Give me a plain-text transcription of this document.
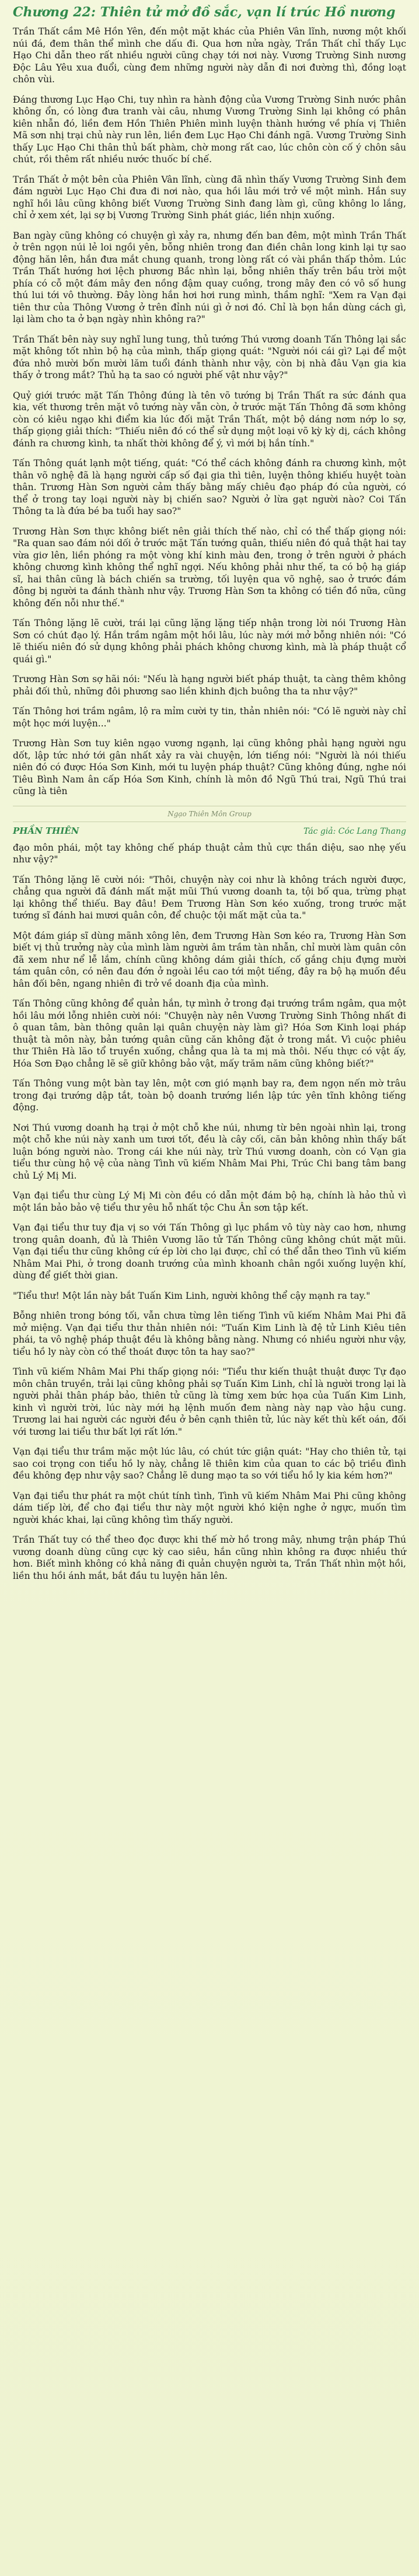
Chương 22: Thiên tử mở đồ sắc, vạn lí trúc Hồ nương

Trần Thất cầm Mê Hồn Yên, đến một mặt khác của Phiên Vân lĩnh, nương một khối núi đá, đem thân thể mình che dấu đi. Qua hơn nửa ngày, Trần Thất chỉ thấy Lục Hạo Chi dẫn theo rất nhiều người cũng chạy tới nơi này. Vương Trường Sinh nương Độc Lâu Yêu xua đuổi, cùng đem những người này dẫn đi nơi đường thì, đồng loạt chôn vùi.

Đáng thương Lục Hạo Chi, tuy nhìn ra hành động của Vương Trường Sinh nước phân không ổn, có lòng đưa tranh vài câu, nhưng Vương Trường Sinh lại không có phân kiên nhẫn đó, liền đem Hồn Thiên Phiên mình luyện thành hướng về phía vị Thiên Mã sơn nhị trại chủ này run lên, liền đem Lục Hạo Chi đánh ngã. Vương Trường Sinh thấy Lục Hạo Chi thân thủ bất phàm, chờ mong rất cao, lúc chôn còn cố ý chôn sâu chút, rồi thêm rất nhiều nước thuốc bí chế.

Trần Thất ở một bên của Phiên Vân lĩnh, cùng đã nhìn thấy Vương Trường Sinh đem đám người Lục Hạo Chi đưa đi nơi nào, qua hồi lâu mới trở về một mình. Hắn suy nghĩ hồi lâu cũng không biết Vương Trường Sinh đang làm gì, cũng không lo lắng, chỉ ở xem xét, lại sợ bị Vương Trường Sinh phát giác, liền nhịn xuống.

Ban ngày cũng không có chuyện gì xảy ra, nhưng đến ban đêm, một mình Trần Thất ở trên ngọn núi lẻ loi ngồi yên, bỗng nhiên trong đan điền chân long kinh lại tự sao động hăn lên, hắn đưa mắt chung quanh, trong lòng rất có vài phần thấp thỏm. Lúc Trần Thất hướng hơi lệch phương Bắc nhìn lại, bỗng nhiên thấy trên bầu trời một phía có cỗ một đám mây đen nồng đậm quay cuồng, trong mây đen có vô số hung thú lui tới vô thường. Đây lòng hắn hơi hơi rung mình, thầm nghĩ: "Xem ra Vạn đại tiên thư của Thông Vương ở trên đỉnh núi gì ở nơi đó. Chỉ là bọn hắn dùng cách gì, lại làm cho ta ở bạn ngày nhìn không ra?"

Trần Thất bên này suy nghĩ lung tung, thủ tướng Thú vương doanh Tấn Thông lại sắc mặt không tốt nhìn bộ hạ của mình, thấp giọng quát: "Người nói cái gì? Lại để một đứa nhỏ mười bốn mười lăm tuổi đánh thành như vậy, còn bị nhà đâu Vạn gia kia thấy ở trong mắt? Thủ hạ ta sao có người phế vật như vậy?"

Quỷ giới trước mặt Tấn Thông đúng là tên võ tướng bị Trần Thất ra sức đánh qua kia, vết thương trên mặt vô tướng này vẫn còn, ở trước mặt Tấn Thông đã sơm không còn có kiêu ngạo khi điểm kia lúc đối mặt Trần Thất, một bộ dáng nơm nớp lo sợ, thấp giọng giải thích: "Thiếu niên đó có thể sử dụng một loại võ kỳ kỳ dị, cách không đánh ra chương kình, ta nhất thời không để ý, vì mới bị hắn tính."

Tấn Thông quát lạnh một tiếng, quát: "Có thể cách không đánh ra chương kình, một thân võ nghệ đã là hạng người cấp số đại gia thì tiên, luyện thông khiếu huyệt toàn thân. Trương Hàn Sơn người cảm thấy bằng mấy chiêu đạo pháp đó của người, có thể ở trong tay loại người này bị chiến sao? Người ở lừa gạt người nào? Coi Tấn Thông ta là đứa bé ba tuổi hay sao?"

Trương Hàn Sơn thực không biết nên giải thích thế nào, chỉ có thể thấp giọng nói: "Ra quan sao đám nói dối ở trước mặt Tấn tướng quân, thiếu niên đó quả thật hai tay vừa giơ lên, liền phóng ra một vòng khí kinh màu đen, trong ở trên người ở phách không chương kình không thể nghĩ ngợi. Nếu không phải như thế, ta có bộ hạ giáp sĩ, hai thân cũng là bách chiến sa trường, tối luyện qua võ nghệ, sao ở trước đám đông bị người ta đánh thành như vậy. Trương Hàn Sơn ta không có tiền đồ nữa, cũng không đến nỗi như thế."

Tấn Thông lặng lẽ cười, trái lại cũng lặng lặng tiếp nhận trong lời nói Trương Hàn Sơn có chút đạo lý. Hắn trầm ngâm một hồi lâu, lúc này mới mở bỗng nhiên nói: "Có lẽ thiếu niên đó sử dụng không phải phách không chương kình, mà là pháp thuật cổ quái gì."

Trương Hàn Sơn sợ hãi nói: "Nếu là hạng người biết pháp thuật, ta càng thêm không phải đối thủ, những đôi phương sao liền khinh địch buông tha ta như vậy?"

Tấn Thông hơi trầm ngâm, lộ ra mỉm cười ty tin, thản nhiên nói: "Có lẽ người này chỉ một học mới luyện..."

Trương Hàn Sơn tuy kiên ngạo vương ngạnh, lại cũng không phải hạng người ngu dốt, lập tức nhớ tới gân nhất xảy ra vài chuyện, lớn tiếng nói: "Người là nói thiếu niên đó có được Hóa Sơn Kinh, mới tu luyện pháp thuật? Cũng không đúng, nghe nói Tiêu Bình Nam ân cấp Hóa Sơn Kinh, chính là môn đồ Ngũ Thú trai, Ngũ Thú trai cũng là tiên

Ngạo Thiên Môn Group
PHẦN THIÊN	Tác giả: Cóc Lang Thang

đạo môn phái, một tay không chế pháp thuật cảm thủ cực thần diệu, sao nhẹ yếu như vậy?"

Tấn Thông lặng lẽ cười nói: "Thôi, chuyện này coi như là không trách người được, chẳng qua người đã đánh mất mặt mũi Thú vương doanh ta, tội bố qua, trừng phạt lại không thể thiếu. Bay đâu! Đem Trương Hàn Sơn kéo xuống, trong trước mặt tướng sĩ đánh hai mươi quân côn, để chuộc tội mất mặt của ta."

Một đám giáp sĩ dùng mãnh xông lên, đem Trương Hàn Sơn kéo ra, Trương Hàn Sơn biết vị thủ trưởng này của mình làm người âm trầm tàn nhẫn, chỉ mười làm quân côn đã xem như nể lễ lắm, chính cũng không dám giải thích, cố gắng chịu đựng mười tám quân côn, có nên đau đớn ở ngoài lều cao tới một tiếng, đây ra bộ hạ muốn đều hân đối bên, ngang nhiên đi trở về doanh địa của mình.

Tấn Thông cũng không để quản hắn, tự mình ở trong đại trướng trầm ngâm, qua một hồi lâu mới lỗng nhiên cười nói: "Chuyện này nên Vương Trường Sinh Thông nhất đi ô quan tâm, bàn thông quân lại quân chuyện này làm gì? Hóa Sơn Kinh loại pháp thuật tà môn này, bản tướng quân cũng căn không đặt ở trong mắt. Vì cuộc phiêu thư Thiên Hà lão tổ truyền xuống, chẳng qua là ta mị mà thôi. Nếu thực có vật ấy, Hóa Sơn Đạo chẳng lẽ sẽ giữ không bảo vật, mấy trăm năm cũng không biết?"

Tấn Thông vung một bàn tay lên, một cơn gió mạnh bay ra, đem ngọn nến mờ trâu trong đại trướng dập tắt, toàn bộ doanh trướng liền lập tức yên tĩnh không tiếng động.

Nơi Thú vương doanh hạ trại ở một chỗ khe núi, nhưng từ bên ngoài nhìn lại, trong một chỗ khe núi này xanh um tươi tốt, đều là cây cối, căn bản không nhìn thấy bất luận bóng người nào. Trong cái khe núi này, trừ Thú vương doanh, còn có Vạn gia tiểu thư cùng hộ vệ của nàng Tình vũ kiếm Nhâm Mai Phi, Trúc Chi bang tâm bang chủ Lý Mị Mi.

Vạn đại tiểu thư cùng Lý Mị Mi còn đều có dẫn một đám bộ hạ, chính là hảo thủ vì một lần bảo bảo vệ tiểu thư yêu hỗ nhất tộc Chu Ân sơn tập kết.

Vạn đại tiểu thư tuy địa vị so với Tấn Thông gì lục phầm vô tùy này cao hơn, nhưng trong quân doanh, đủ là Thiên Vương lão tử Tấn Thông cũng không chút mặt mũi. Vạn đại tiểu thư cũng không cứ ép lời cho lại được, chỉ có thể dẫn theo Tình vũ kiếm Nhâm Mai Phi, ở trong doanh trướng của mình khoanh chân ngồi xuống luyện khí, dùng để giết thời gian.

"Tiểu thư! Một lần này bắt Tuấn Kim Linh, người không thể cậy mạnh ra tay."

Bỗng nhiên trong bóng tối, vẫn chưa từng lên tiếng Tình vũ kiếm Nhâm Mai Phi đã mở miệng. Vạn đại tiểu thư thản nhiên nói: "Tuấn Kim Linh là đệ tử Linh Kiêu tiên phái, ta vô nghệ pháp thuật đều là không bằng nàng. Nhưng có nhiều người như vậy, tiểu hồ ly này còn có thể thoát được tôn ta hay sao?"

Tình vũ kiếm Nhâm Mai Phi thấp giọng nói: "Tiểu thư kiến thuật thuật được Tự đạo môn chân truyền, trải lại cũng không phải sợ Tuấn Kim Linh, chỉ là người trong lại là người phải thân pháp bảo, thiên tử cũng là từng xem bức họa của Tuấn Kim Linh, kinh vì người trời, lúc này mới hạ lệnh muốn đem nàng này nạp vào hậu cung. Trương lai hai người các người đều ở bên cạnh thiên tử, lúc này kết thù kết oán, đối với tương lai tiểu thư bất lợi rất lớn."

Vạn đại tiểu thư trầm mặc một lúc lâu, có chút tức giận quát: "Hay cho thiên tử, tại sao coi trọng con tiểu hồ ly này, chẳng lẽ thiên kim của quan to các bộ triều đình đều không đẹp như vậy sao? Chẳng lẽ dung mạo ta so với tiểu hồ ly kia kém hơn?"

Vạn đại tiểu thư phát ra một chút tính tình, Tình vũ kiếm Nhâm Mai Phi cũng không dám tiếp lời, để cho đại tiểu thư này một người khó kiện nghe ở ngực, muốn tìm người khác khai, lại cũng không tìm thấy người.

Trần Thất tuy có thể theo đọc được khi thế mờ hồ trong mây, nhưng trận pháp Thú vương doanh dùng cũng cực kỳ cao siêu, hắn cũng nhìn không ra được nhiều thứ hơn. Biết mình không có khả năng đi quản chuyện người ta, Trần Thất nhìn một hồi, liền thu hồi ánh mắt, bắt đầu tu luyện hăn lên.
